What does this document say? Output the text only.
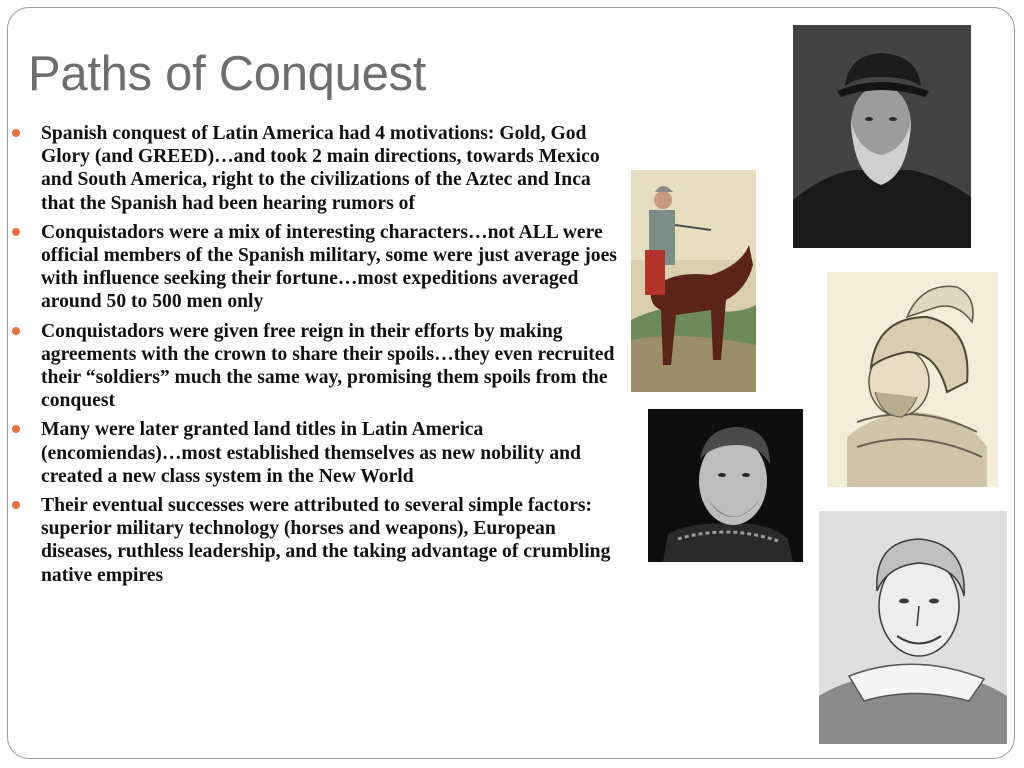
Paths of Conquest
Spanish conquest of Latin America had 4 motivations: Gold, God Glory (and GREED)…and took 2 main directions, towards Mexico and South America, right to the civilizations of the Aztec and Inca that the Spanish had been hearing rumors of
Conquistadors were a mix of interesting characters…not ALL were official members of the Spanish military, some were just average joes with influence seeking their fortune…most expeditions averaged around 50 to 500 men only
Conquistadors were given free reign in their efforts by making agreements with the crown to share their spoils…they even recruited their “soldiers” much the same way, promising them spoils from the conquest
Many were later granted land titles in Latin America (encomiendas)…most established themselves as new nobility and created a new class system in the New World
Their eventual successes were attributed to several simple factors: superior military technology (horses and weapons), European diseases, ruthless leadership, and the taking advantage of crumbling native empires
